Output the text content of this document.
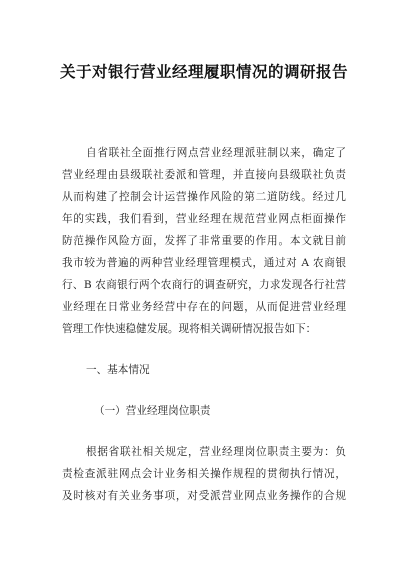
关于对银行营业经理履职情况的调研报告
自省联社全面推行网点营业经理派驻制以来，确定了
营业经理由县级联社委派和管理，并直接向县级联社负责
从而构建了控制会计运营操作风险的第二道防线。经过几
年的实践，我们看到，营业经理在规范营业网点柜面操作
防范操作风险方面，发挥了非常重要的作用。本文就目前
我市较为普遍的两种营业经理管理模式，通过对 A 农商银
行、B 农商银行两个农商行的调查研究，力求发现各行社营
业经理在日常业务经营中存在的问题，从而促进营业经理
管理工作快速稳健发展。现将相关调研情况报告如下：
一、基本情况
（一）营业经理岗位职责
根据省联社相关规定，营业经理岗位职责主要为：负
责检查派驻网点会计业务相关操作规程的贯彻执行情况，
及时核对有关业务事项，对受派营业网点业务操作的合规
